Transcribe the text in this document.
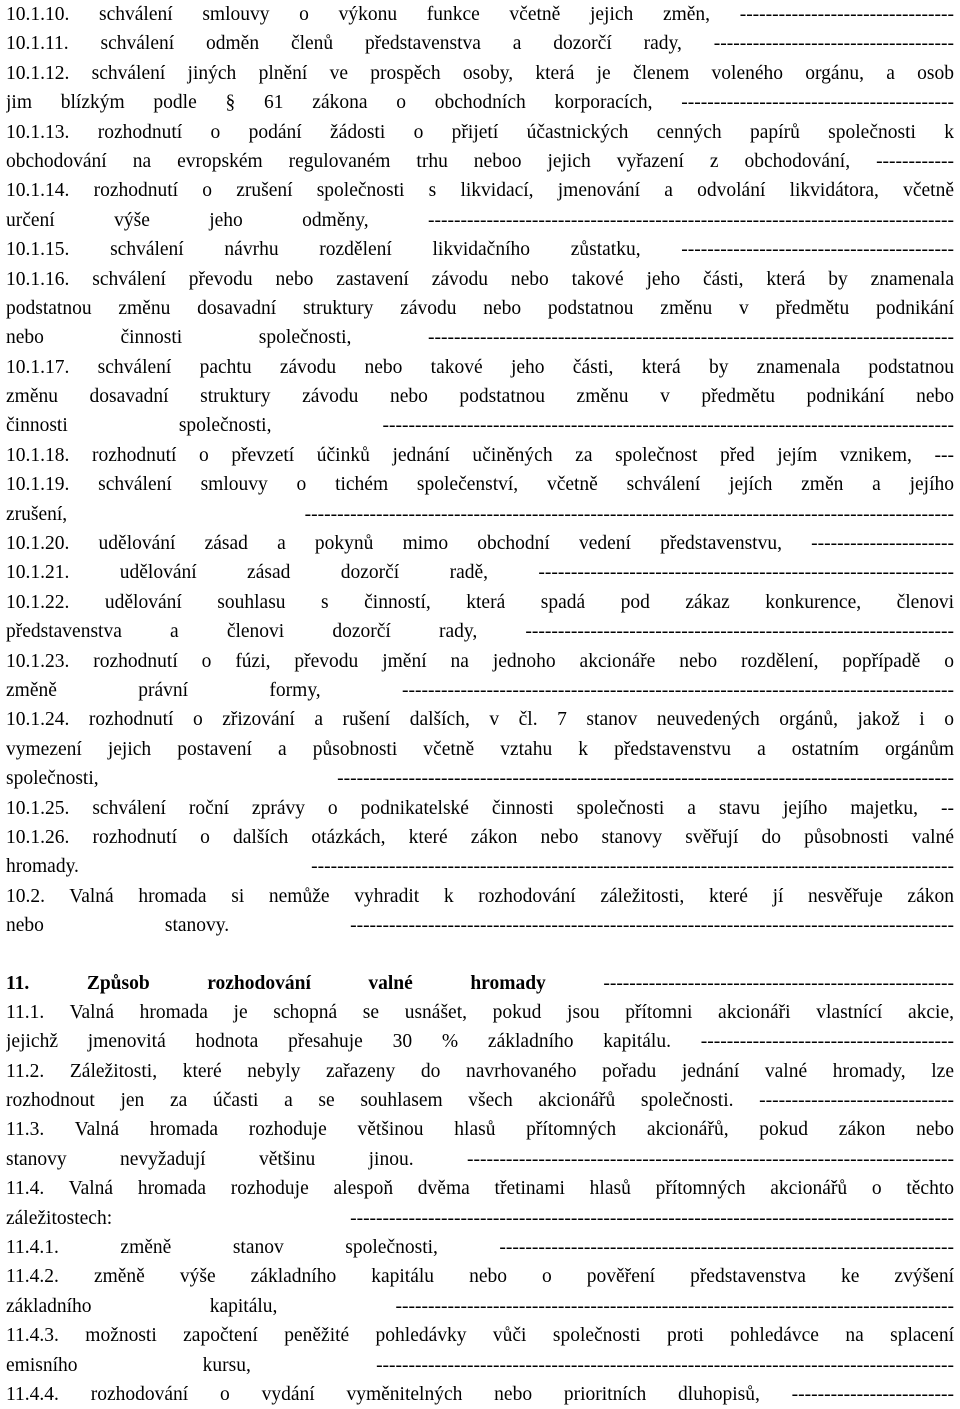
10.1.10. schválení smlouvy o výkonu funkce včetně jejich změn, ---------------------------------
10.1.11. schválení odměn členů představenstva a dozorčí rady, -------------------------------------
10.1.12. schválení jiných plnění ve prospěch osoby, která je členem voleného orgánu, a osob
jim blízkým podle § 61 zákona o obchodních korporacích, ------------------------------------------
10.1.13. rozhodnutí o podání žádosti o přijetí účastnických cenných papírů společnosti k
obchodování na evropském regulovaném trhu neboo jejich vyřazení z obchodování, ------------
10.1.14. rozhodnutí o zrušení společnosti s likvidací, jmenování a odvolání likvidátora, včetně
určení výše jeho odměny, ---------------------------------------------------------------------------------
10.1.15. schválení návrhu rozdělení likvidačního zůstatku, ------------------------------------------
10.1.16. schválení převodu nebo zastavení závodu nebo takové jeho části, která by znamenala
podstatnou změnu dosavadní struktury závodu nebo podstatnou změnu v předmětu podnikání
nebo činnosti společnosti, ---------------------------------------------------------------------------------
10.1.17. schválení pachtu závodu nebo takové jeho části, která by znamenala podstatnou
změnu dosavadní struktury závodu nebo podstatnou změnu v předmětu podnikání nebo
činnosti společnosti, ----------------------------------------------------------------------------------------
10.1.18. rozhodnutí o převzetí účinků jednání učiněných za společnost před jejím vznikem, ---
10.1.19. schválení smlouvy o tichém společenství, včetně schválení jejích změn a jejího
zrušení, ----------------------------------------------------------------------------------------------------
10.1.20. udělování zásad a pokynů mimo obchodní vedení představenstvu, ----------------------
10.1.21. udělování zásad dozorčí radě, ----------------------------------------------------------------
10.1.22. udělování souhlasu s činností, která spadá pod zákaz konkurence, členovi
představenstva a členovi dozorčí rady, ------------------------------------------------------------------
10.1.23. rozhodnutí o fúzi, převodu jmění na jednoho akcionáře nebo rozdělení, popřípadě o
změně právní formy, -------------------------------------------------------------------------------------
10.1.24. rozhodnutí o zřizování a rušení dalších, v čl. 7 stanov neuvedených orgánů, jakož i o
vymezení jejich postavení a působnosti včetně vztahu k představenstvu a ostatním orgánům
společnosti, -----------------------------------------------------------------------------------------------
10.1.25. schválení roční zprávy o podnikatelské činnosti společnosti a stavu jejího majetku, --
10.1.26. rozhodnutí o dalších otázkách, které zákon nebo stanovy svěřují do působnosti valné
hromady. ---------------------------------------------------------------------------------------------------
10.2. Valná hromada si nemůže vyhradit k rozhodování záležitosti, které jí nesvěřuje zákon
nebo stanovy. ---------------------------------------------------------------------------------------------
11. Způsob rozhodování valné hromady ------------------------------------------------------
11.1. Valná hromada je schopná se usnášet, pokud jsou přítomni akcionáři vlastnící akcie,
jejichž jmenovitá hodnota přesahuje 30 % základního kapitálu. ---------------------------------------
11.2. Záležitosti, které nebyly zařazeny do navrhovaného pořadu jednání valné hromady, lze
rozhodnout jen za účasti a se souhlasem všech akcionářů společnosti. ------------------------------
11.3. Valná hromada rozhoduje většinou hlasů přítomných akcionářů, pokud zákon nebo
stanovy nevyžadují většinu jinou. ---------------------------------------------------------------------------
11.4. Valná hromada rozhoduje alespoň dvěma třetinami hlasů přítomných akcionářů o těchto
záležitostech: ---------------------------------------------------------------------------------------------
11.4.1. změně stanov společnosti, ----------------------------------------------------------------------
11.4.2. změně výše základního kapitálu nebo o pověření představenstva ke zvýšení
základního kapitálu, --------------------------------------------------------------------------------------
11.4.3. možnosti započtení peněžité pohledávky vůči společnosti proti pohledávce na splacení
emisního kursu, -----------------------------------------------------------------------------------------
11.4.4. rozhodování o vydání vyměnitelných nebo prioritních dluhopisů, -------------------------
